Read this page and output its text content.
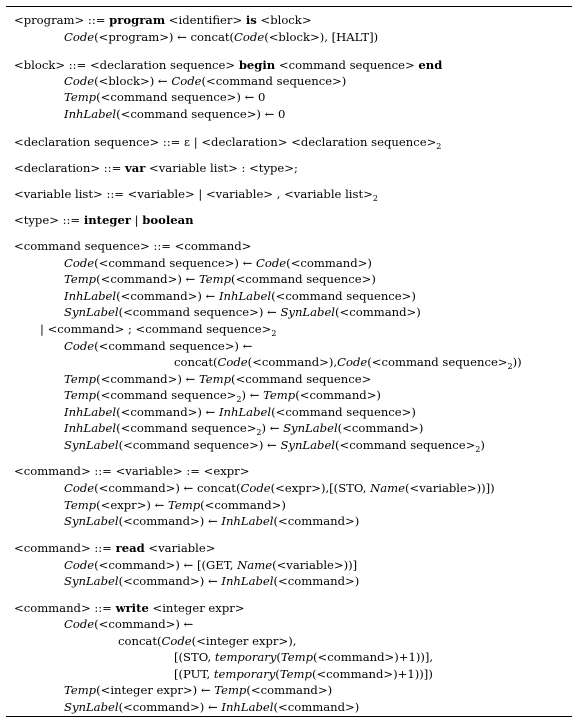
<program> ::= program <identifier> is <block>
Code(<program>) ← concat(Code(<block>), [HALT])
<block> ::= <declaration sequence> begin <command sequence> end
Code(<block>) ← Code(<command sequence>)
Temp(<command sequence>) ← 0
InhLabel(<command sequence>) ← 0
<declaration sequence> ::= ε | <declaration> <declaration $sequence>_2$
<declaration> ::= var <variable list> : <type>;
<variable list> ::= <variable> | <variable> , <variable $list>_2$
<type> ::= integer | boolean
<command sequence> ::= <command>
Code(<command sequence>) ← Code(<command>)
Temp(<command>) ← Temp(<command sequence>)
InhLabel(<command>) ← InhLabel(<command sequence>)
SynLabel(<command sequence>) ← SynLabel(<command>)
| <command> ; <command $sequence>_2$
Code(<command sequence>) ←
concat(Code(<command>),Code(<command $sequence>_2$))
Temp(<command>) ← Temp(<command sequence>
Temp(<command $sequence>_2$) ← Temp(<command>)
InhLabel(<command>) ← InhLabel(<command sequence>)
InhLabel(<command $sequence>_2$) ← SynLabel(<command>)
SynLabel(<command sequence>) ← SynLabel(<command $sequence>_2$)
<command> ::= <variable> := <expr>
Code(<command>) ← concat(Code(<expr>),[(STO, Name(<variable>))])
Temp(<expr>) ← Temp(<command>)
SynLabel(<command>) ← InhLabel(<command>)
<command> ::= read <variable>
Code(<command>) ← [(GET, Name(<variable>))]
SynLabel(<command>) ← InhLabel(<command>)
<command> ::= write <integer expr>
Code(<command>) ←
concat(Code(<integer expr>),
[(STO, temporary(Temp(<command>)+1))],
[(PUT, temporary(Temp(<command>)+1))])
Temp(<integer expr>) ← Temp(<command>)
SynLabel(<command>) ← InhLabel(<command>)
